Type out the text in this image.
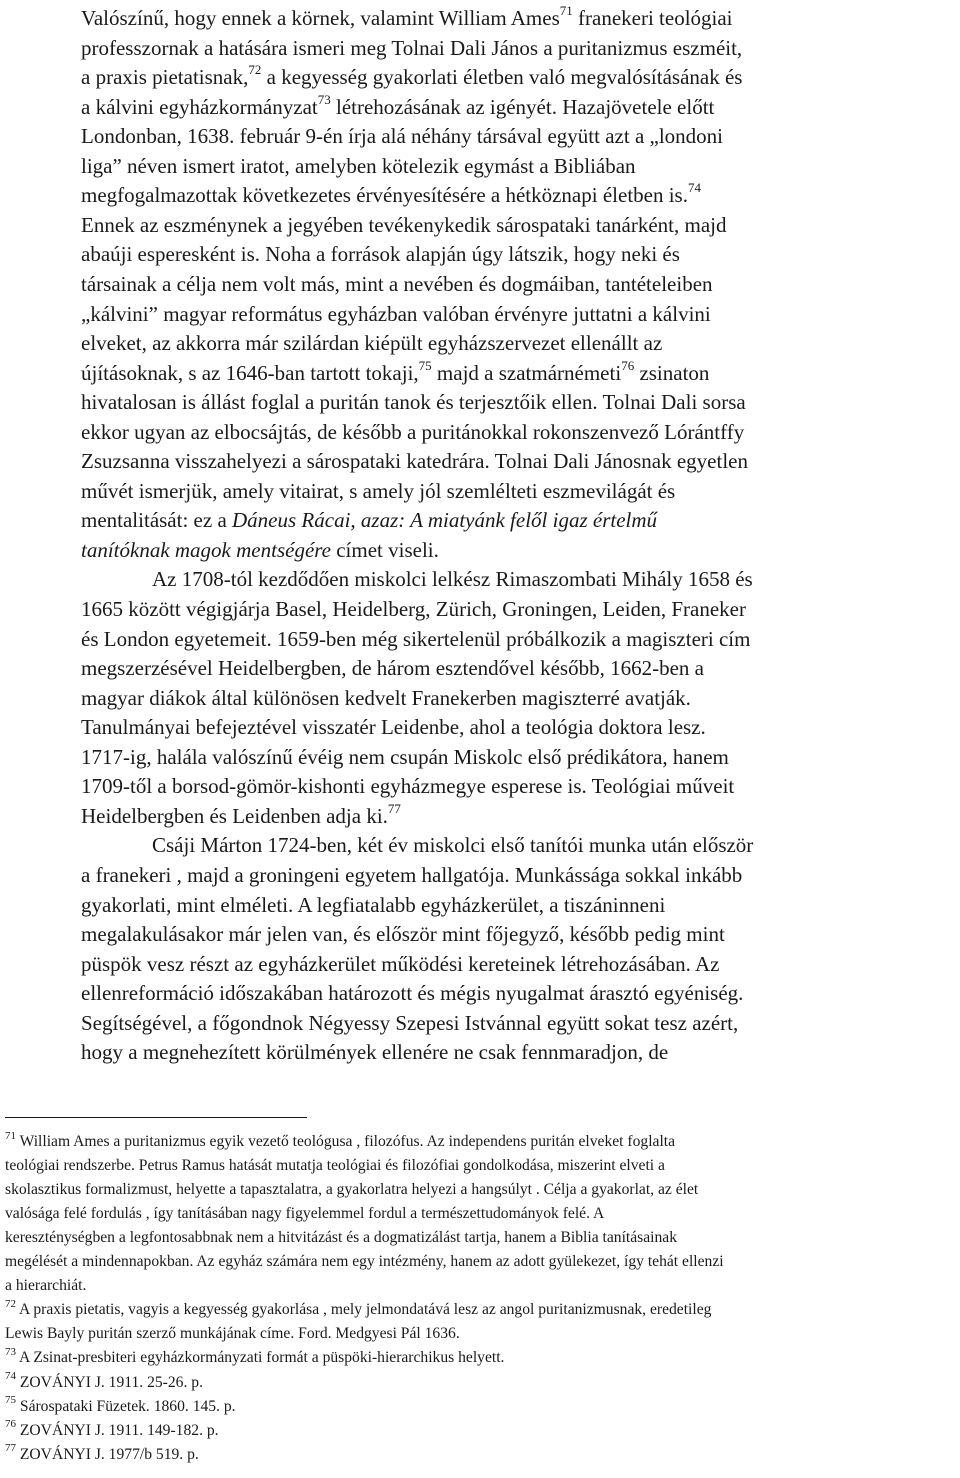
Valószínű, hogy ennek a körnek, valamint William Ames$^{71}$ franekeri teológiai
professzornak a hatására ismeri meg Tolnai Dali János a puritanizmus eszméit,
a praxis pietatisnak,$^{72}$ a kegyesség gyakorlati életben való megvalósításának és
a kálvini egyházkormányzat$^{73}$ létrehozásának az igényét. Hazajövetele előtt
Londonban, 1638. február 9-én írja alá néhány társával együtt azt a „londoni
liga” néven ismert iratot, amelyben kötelezik egymást a Bibliában
megfogalmazottak következetes érvényesítésére a hétköznapi életben is.$^{74}$
Ennek az eszménynek a jegyében tevékenykedik sárospataki tanárként, majd
abaúji esperesként is. Noha a források alapján úgy látszik, hogy neki és
társainak a célja nem volt más, mint a nevében és dogmáiban, tantételeiben
„kálvini” magyar református egyházban valóban érvényre juttatni a kálvini
elveket, az akkorra már szilárdan kiépült egyházszervezet ellenállt az
újításoknak, s az 1646-ban tartott tokaji,$^{75}$ majd a szatmárnémeti$^{76}$ zsinaton
hivatalosan is állást foglal a puritán tanok és terjesztőik ellen. Tolnai Dali sorsa
ekkor ugyan az elbocsájtás, de később a puritánokkal rokonszenvező Lórántffy
Zsuzsanna visszahelyezi a sárospataki katedrára. Tolnai Dali Jánosnak egyetlen
művét ismerjük, amely vitairat, s amely jól szemlélteti eszmevilágát és
mentalitását: ez a Dáneus Rácai, azaz: A miatyánk felől igaz értelmű
tanítóknak magok mentségére címet viseli.
Az 1708-tól kezdődően miskolci lelkész Rimaszombati Mihály 1658 és
1665 között végigjárja Basel, Heidelberg, Zürich, Groningen, Leiden, Franeker
és London egyetemeit. 1659-ben még sikertelenül próbálkozik a magiszteri cím
megszerzésével Heidelbergben, de három esztendővel később, 1662-ben a
magyar diákok által különösen kedvelt Franekerben magiszterré avatják.
Tanulmányai befejeztével visszatér Leidenbe, ahol a teológia doktora lesz.
1717-ig, halála valószínű évéig nem csupán Miskolc első prédikátora, hanem
1709-től a borsod-gömör-kishonti egyházmegye esperese is. Teológiai műveit
Heidelbergben és Leidenben adja ki.$^{77}$
Csáji Márton 1724-ben, két év miskolci első tanítói munka után először
a franekeri , majd a groningeni egyetem hallgatója. Munkássága sokkal inkább
gyakorlati, mint elméleti. A legfiatalabb egyházkerület, a tiszáninneni
megalakulásakor már jelen van, és először mint főjegyző, később pedig mint
püspök vesz részt az egyházkerület működési kereteinek létrehozásában. Az
ellenreformáció időszakában határozott és mégis nyugalmat árasztó egyéniség.
Segítségével, a főgondnok Négyessy Szepesi Istvánnal együtt sokat tesz azért,
hogy a megnehezített körülmények ellenére ne csak fennmaradjon, de
$^{71}$ William Ames a puritanizmus egyik vezető teológusa , filozófus. Az independens puritán elveket foglalta
teológiai rendszerbe. Petrus Ramus hatását mutatja teológiai és filozófiai gondolkodása, miszerint elveti a
skolasztikus formalizmust, helyette a tapasztalatra, a gyakorlatra helyezi a hangsúlyt . Célja a gyakorlat, az élet
valósága felé fordulás , így tanításában nagy figyelemmel fordul a természettudományok felé. A
kereszténységben a legfontosabbnak nem a hitvitázást és a dogmatizálást tartja, hanem a Biblia tanításainak
megélését a mindennapokban. Az egyház számára nem egy intézmény, hanem az adott gyülekezet, így tehát ellenzi
a hierarchiát.
$^{72}$ A praxis pietatis, vagyis a kegyesség gyakorlása , mely jelmondatává lesz az angol puritanizmusnak, eredetileg
Lewis Bayly puritán szerző munkájának címe. Ford. Medgyesi Pál 1636.
$^{73}$ A Zsinat-presbiteri egyházkormányzati formát a püspöki-hierarchikus helyett.
$^{74}$ ZOVÁNYI J. 1911. 25-26. p.
$^{75}$ Sárospataki Füzetek. 1860. 145. p.
$^{76}$ ZOVÁNYI J. 1911. 149-182. p.
$^{77}$ ZOVÁNYI J. 1977/b 519. p.
